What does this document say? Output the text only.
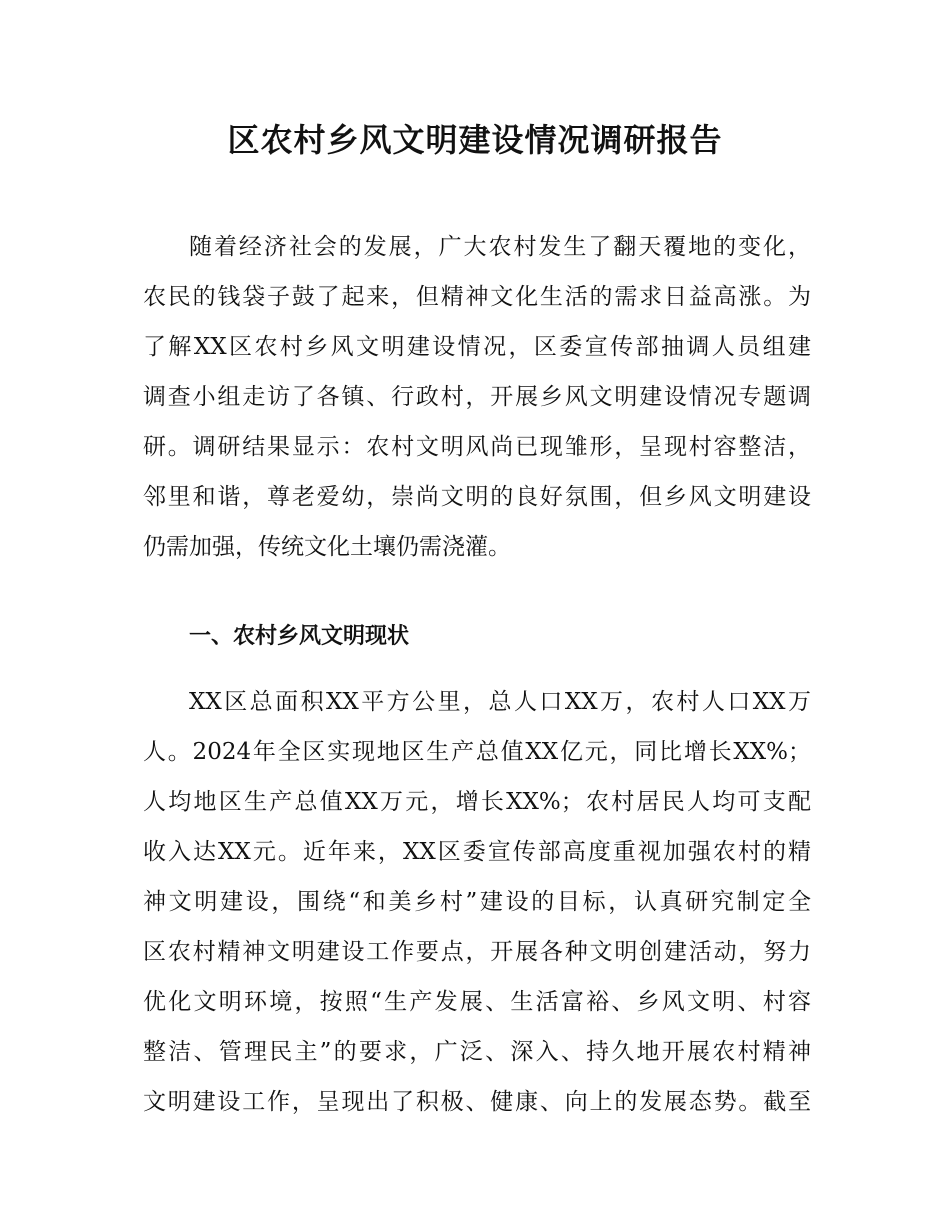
区农村乡风文明建设情况调研报告

随着经济社会的发展，广大农村发生了翻天覆地的变化，

农民的钱袋子鼓了起来，但精神文化生活的需求日益高涨。为

了解XX区农村乡风文明建设情况，区委宣传部抽调人员组建

调查小组走访了各镇、行政村，开展乡风文明建设情况专题调

研。调研结果显示：农村文明风尚已现雏形，呈现村容整洁，

邻里和谐，尊老爱幼，崇尚文明的良好氛围，但乡风文明建设

仍需加强，传统文化土壤仍需浇灌。

一、农村乡风文明现状

XX区总面积XX平方公里，总人口XX万，农村人口XX万

人。2024年全区实现地区生产总值XX亿元，同比增长XX%；

人均地区生产总值XX万元，增长XX%；农村居民人均可支配

收入达XX元。近年来，XX区委宣传部高度重视加强农村的精

神文明建设，围绕“和美乡村”建设的目标，认真研究制定全

区农村精神文明建设工作要点，开展各种文明创建活动，努力

优化文明环境，按照“生产发展、生活富裕、乡风文明、村容

整洁、管理民主”的要求，广泛、深入、持久地开展农村精神

文明建设工作，呈现出了积极、健康、向上的发展态势。截至
